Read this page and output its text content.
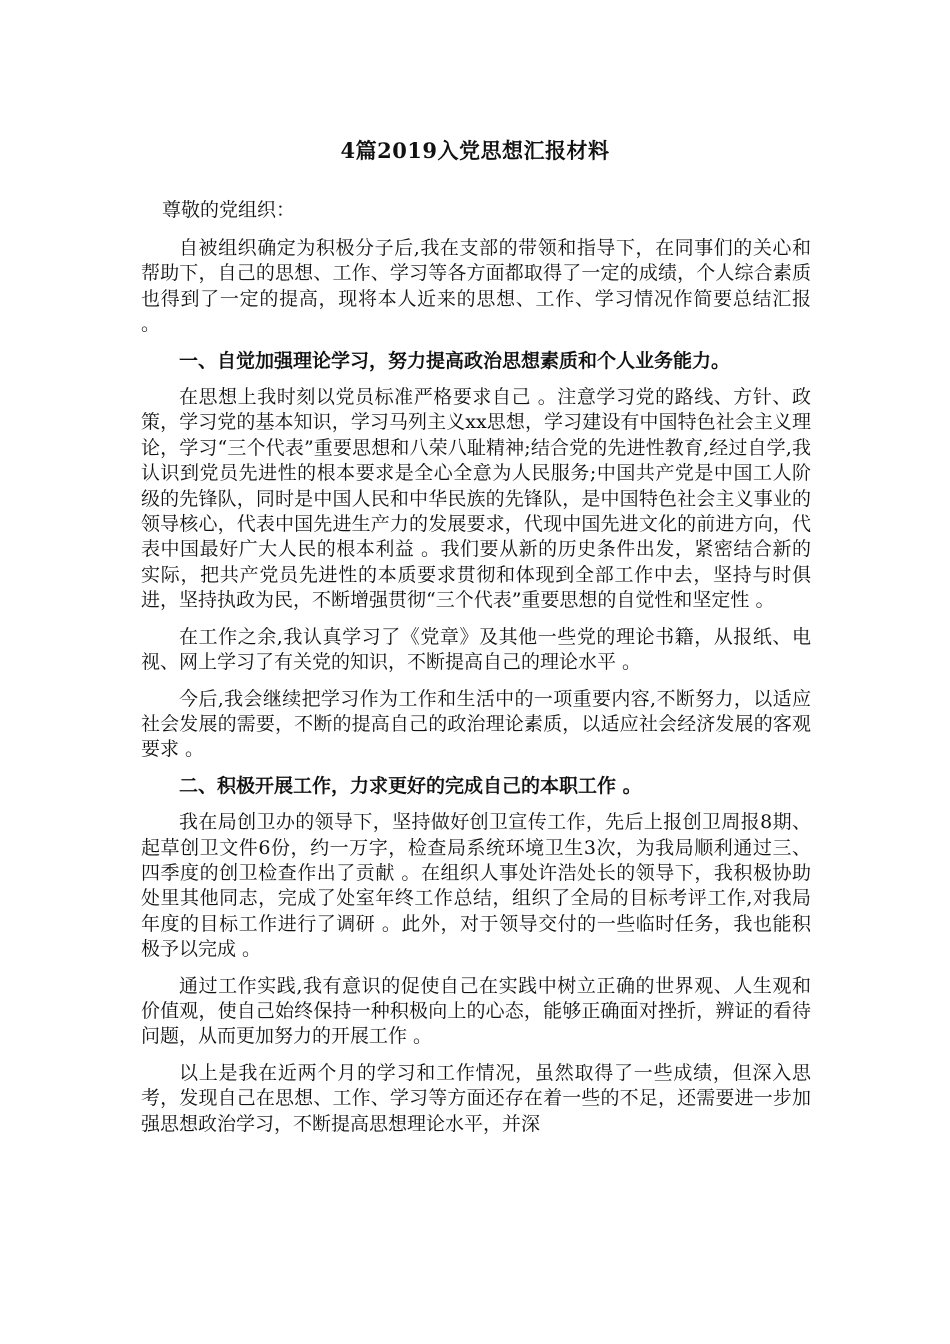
4篇2019入党思想汇报材料
尊敬的党组织：

自被组织确定为积极分子后,我在支部的带领和指导下，在同事们的关心和帮助下，自己的思想、工作、学习等各方面都取得了一定的成绩，个人综合素质也得到了一定的提高，现将本人近来的思想、工作、学习情况作简要总结汇报 。

一、自觉加强理论学习，努力提高政治思想素质和个人业务能力。

在思想上我时刻以党员标准严格要求自己 。注意学习党的路线、方针、政策，学习党的基本知识，学习马列主义xx思想，学习建设有中国特色社会主义理论，学习“三个代表”重要思想和八荣八耻精神;结合党的先进性教育,经过自学,我认识到党员先进性的根本要求是全心全意为人民服务;中国共产党是中国工人阶级的先锋队，同时是中国人民和中华民族的先锋队，是中国特色社会主义事业的领导核心，代表中国先进生产力的发展要求，代现中国先进文化的前进方向，代表中国最好广大人民的根本利益 。我们要从新的历史条件出发，紧密结合新的实际，把共产党员先进性的本质要求贯彻和体现到全部工作中去，坚持与时俱进，坚持执政为民，不断增强贯彻“三个代表”重要思想的自觉性和坚定性 。

在工作之余,我认真学习了《党章》及其他一些党的理论书籍，从报纸、电视、网上学习了有关党的知识，不断提高自己的理论水平 。

今后,我会继续把学习作为工作和生活中的一项重要内容,不断努力，以适应社会发展的需要，不断的提高自己的政治理论素质，以适应社会经济发展的客观要求 。

二、积极开展工作，力求更好的完成自己的本职工作 。

我在局创卫办的领导下，坚持做好创卫宣传工作，先后上报创卫周报8期、起草创卫文件6份，约一万字，检查局系统环境卫生3次，为我局顺利通过三、四季度的创卫检查作出了贡献 。在组织人事处许浩处长的领导下，我积极协助处里其他同志，完成了处室年终工作总结，组织了全局的目标考评工作,对我局年度的目标工作进行了调研 。此外，对于领导交付的一些临时任务，我也能积极予以完成 。

通过工作实践,我有意识的促使自己在实践中树立正确的世界观、人生观和价值观，使自己始终保持一种积极向上的心态，能够正确面对挫折，辨证的看待问题，从而更加努力的开展工作 。

以上是我在近两个月的学习和工作情况，虽然取得了一些成绩，但深入思考，发现自己在思想、工作、学习等方面还存在着一些的不足，还需要进一步加强思想政治学习，不断提高思想理论水平，并深
